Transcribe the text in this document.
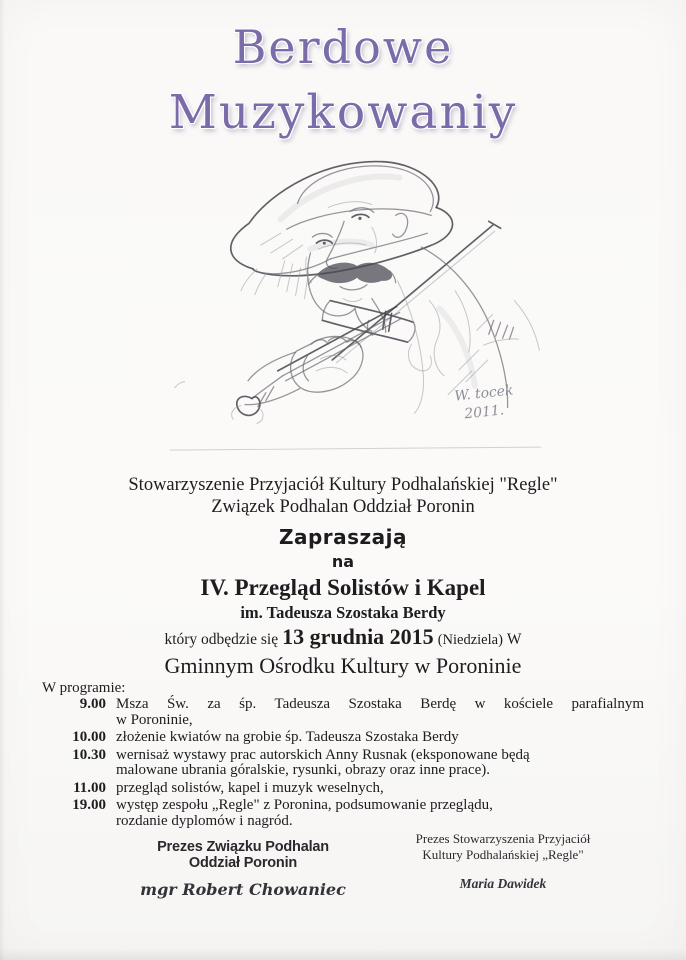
Berdowe
Muzykowaniy
W. tocek
2011.
Stowarzyszenie Przyjaciół Kultury Podhalańskiej "Regle"
Związek Podhalan Oddział Poronin
Zapraszają
na
IV. Przegląd Solistów i Kapel
im. Tadeusza Szostaka Berdy
który odbędzie się 13 grudnia 2015 (Niedziela) W
Gminnym Ośrodku Kultury w Poroninie
W programie:
9.00 Msza Św. za śp. Tadeusza Szostaka Berdę w kościele parafialnym
w Poroninie,
10.00 złożenie kwiatów na grobie śp. Tadeusza Szostaka Berdy
10.30 wernisaż wystawy prac autorskich Anny Rusnak (eksponowane będą
malowane ubrania góralskie, rysunki, obrazy oraz inne prace).
11.00 przegląd solistów, kapel i muzyk weselnych,
19.00 występ zespołu „Regle" z Poronina, podsumowanie przeglądu,
rozdanie dyplomów i nagród.
Prezes Związku Podhalan
Oddział Poronin
mgr Robert Chowaniec
Prezes Stowarzyszenia Przyjaciół
Kultury Podhalańskiej „Regle"
Maria Dawidek
